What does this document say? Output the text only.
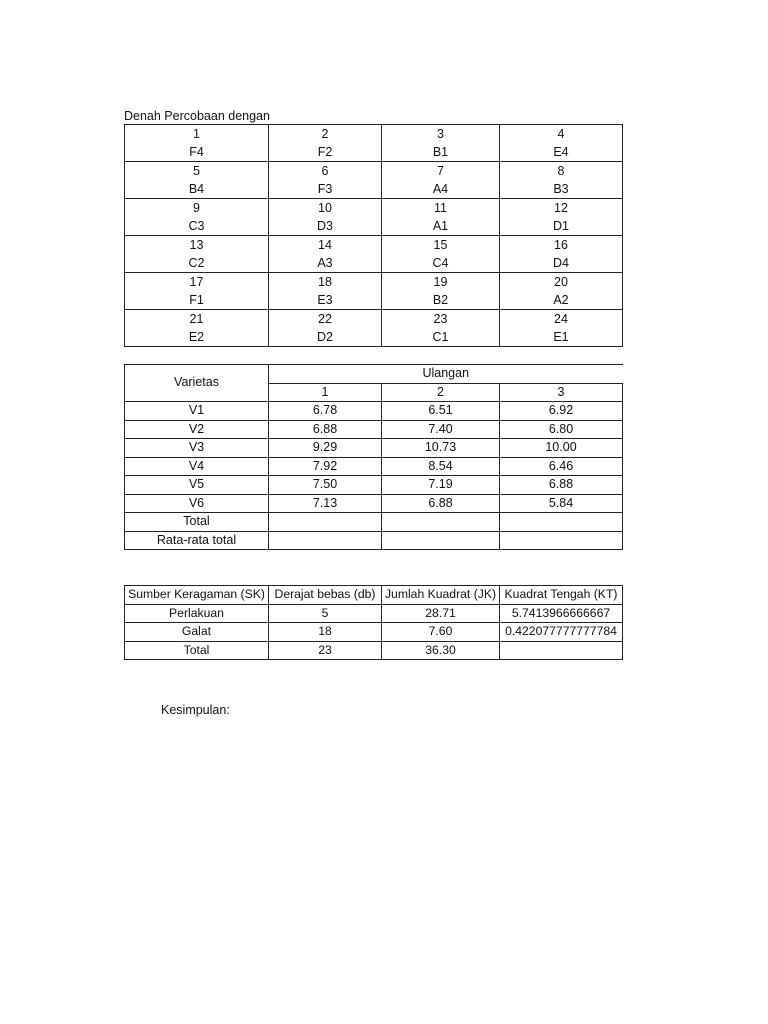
Denah Percobaan dengan
1	2	3	4
F4	F2	B1	E4
5	6	7	8
B4	F3	A4	B3
9	10	11	12
C3	D3	A1	D1
13	14	15	16
C2	A3	C4	D4
17	18	19	20
F1	E3	B2	A2
21	22	23	24
E2	D2	C1	E1
Varietas	Ulangan		
	1	2	3
V1	6.78	6.51	6.92
V2	6.88	7.40	6.80
V3	9.29	10.73	10.00
V4	7.92	8.54	6.46
V5	7.50	7.19	6.88
V6	7.13	6.88	5.84
Total			
Rata-rata total			
Sumber Keragaman (SK)	Derajat bebas (db)	Jumlah Kuadrat (JK)	Kuadrat Tengah (KT)
Perlakuan	5	28.71	5.7413966666667
Galat	18	7.60	0.422077777777784
Total	23	36.30	
Kesimpulan:
